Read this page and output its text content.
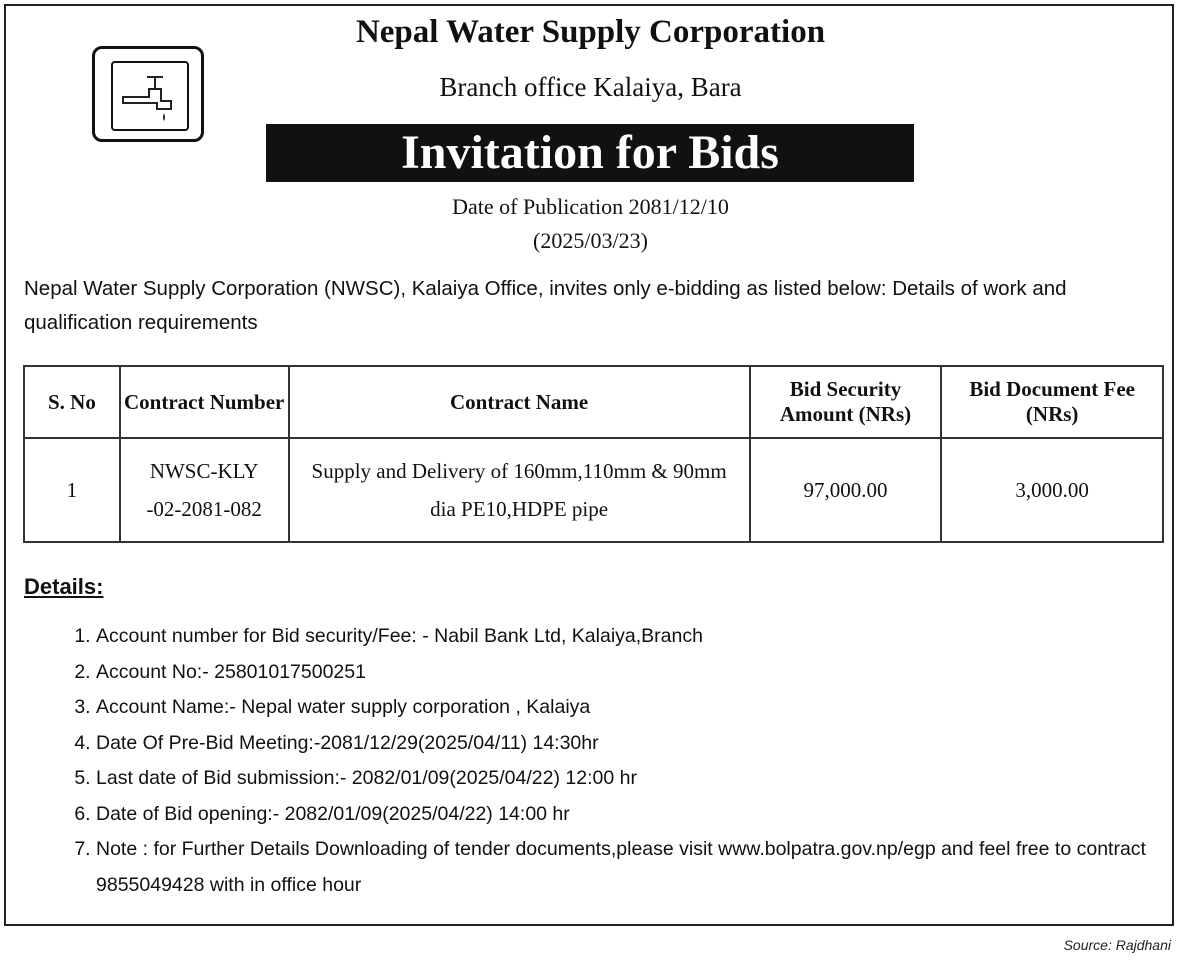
Nepal Water Supply Corporation
Branch office Kalaiya, Bara
Invitation for Bids
Date of Publication 2081/12/10
(2025/03/23)
Nepal Water Supply Corporation (NWSC), Kalaiya Office, invites only e-bidding as listed below: Details of work and qualification requirements
S. No	Contract Number	Contract Name	Bid Security Amount (NRs)	Bid Document Fee (NRs)
1	NWSC-KLY -02-2081-082	Supply and Delivery of 160mm,110mm & 90mm dia PE10,HDPE pipe	97,000.00	3,000.00
Details:
1. Account number for Bid security/Fee: - Nabil Bank Ltd, Kalaiya,Branch
2. Account No:- 25801017500251
3. Account Name:- Nepal water supply corporation , Kalaiya
4. Date Of Pre-Bid Meeting:-2081/12/29(2025/04/11) 14:30hr
5. Last date of Bid submission:- 2082/01/09(2025/04/22) 12:00 hr
6. Date of Bid opening:- 2082/01/09(2025/04/22) 14:00 hr
7. Note : for Further Details Downloading of tender documents,please visit www.bolpatra.gov.np/egp and feel free to contract 9855049428 with in office hour
Source: Rajdhani
